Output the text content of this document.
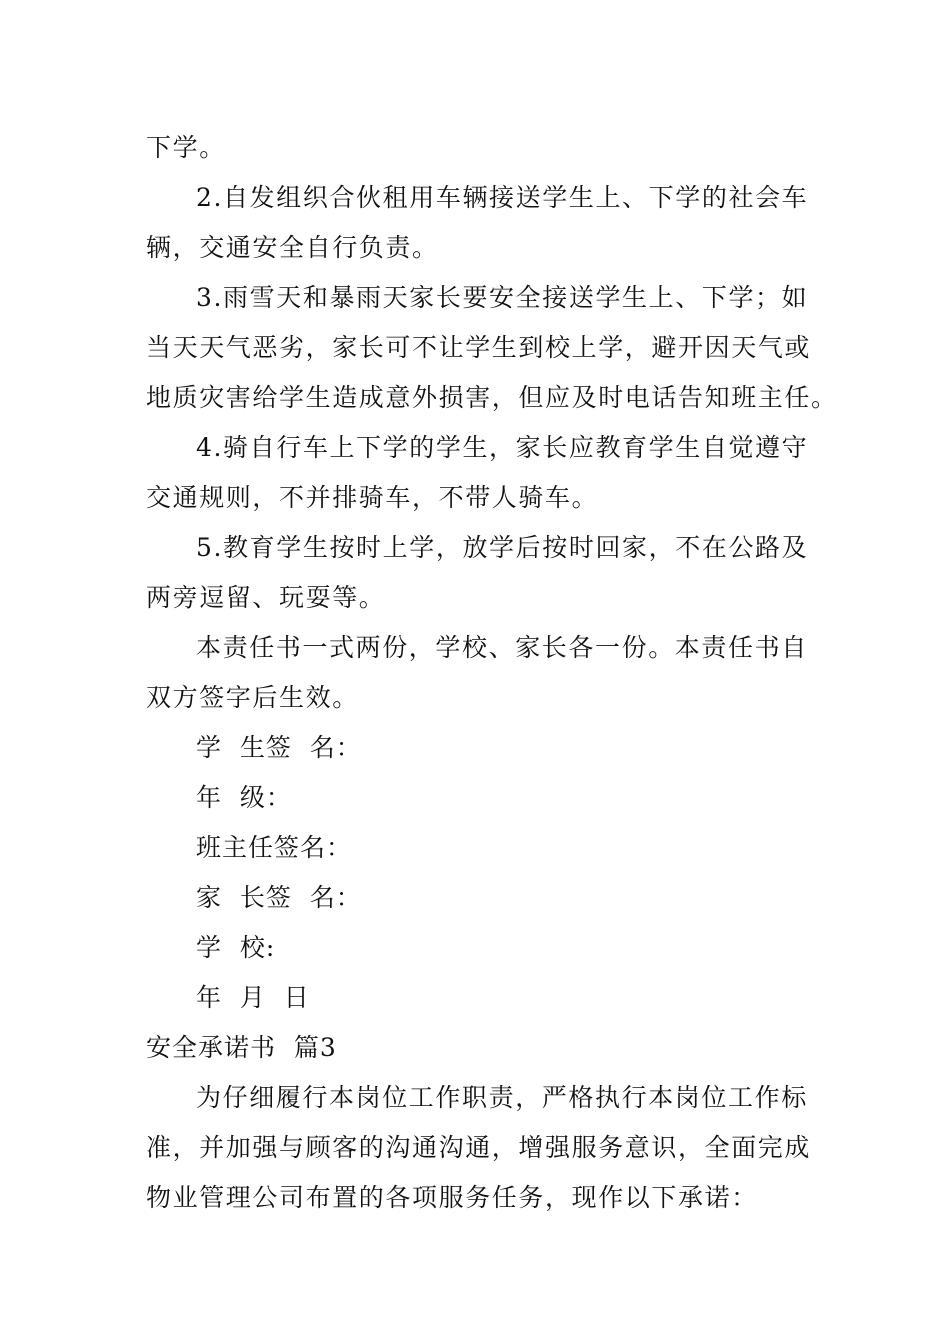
下学。
2.自发组织合伙租用车辆接送学生上、下学的社会车
辆，交通安全自行负责。
3.雨雪天和暴雨天家长要安全接送学生上、下学；如
当天天气恶劣，家长可不让学生到校上学，避开因天气或
地质灾害给学生造成意外损害，但应及时电话告知班主任。
4.骑自行车上下学的学生，家长应教育学生自觉遵守
交通规则，不并排骑车，不带人骑车。
5.教育学生按时上学，放学后按时回家，不在公路及
两旁逗留、玩耍等。
本责任书一式两份，学校、家长各一份。本责任书自
双方签字后生效。
学  生签  名：
年  级：
班主任签名：
家  长签  名：
学  校:
年  月  日
安全承诺书  篇3
为仔细履行本岗位工作职责，严格执行本岗位工作标
准，并加强与顾客的沟通沟通，增强服务意识，全面完成
物业管理公司布置的各项服务任务，现作以下承诺：
